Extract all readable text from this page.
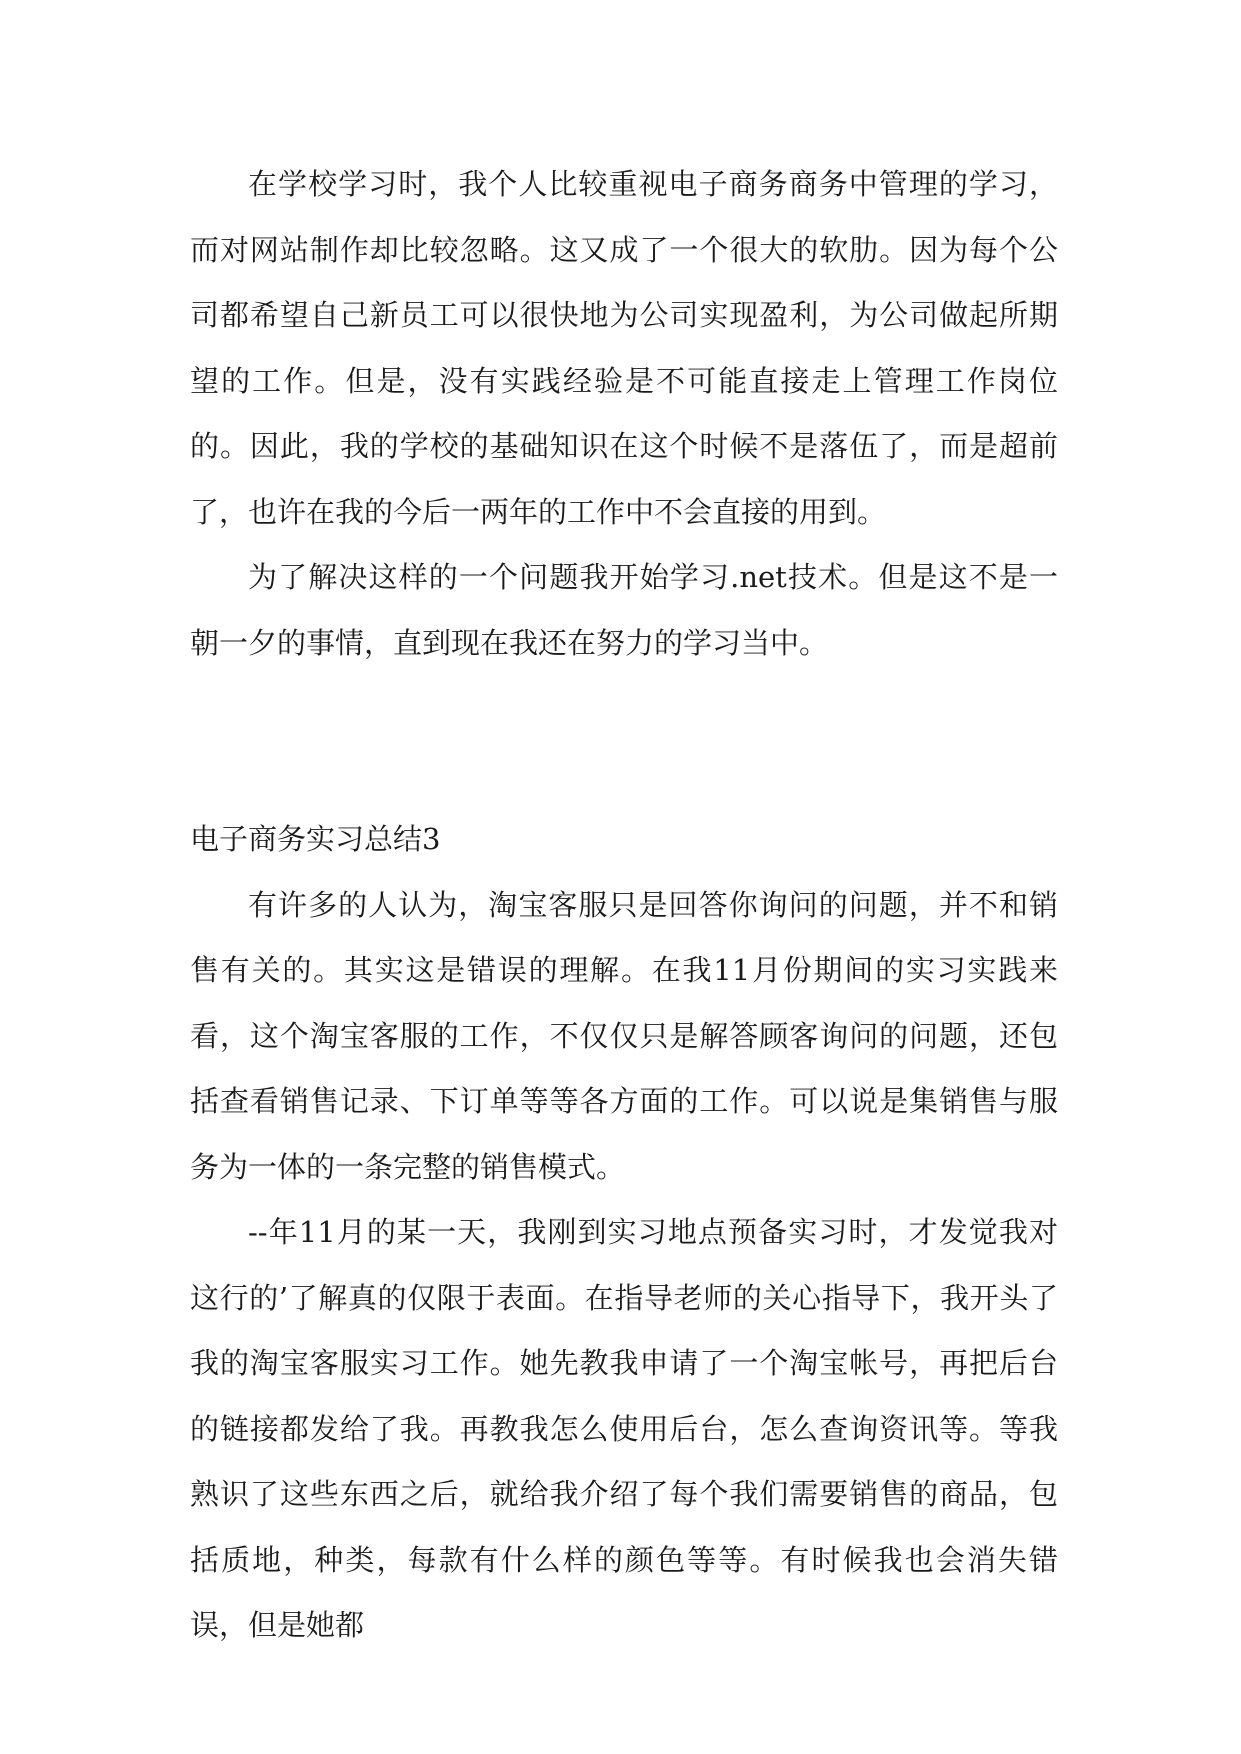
在学校学习时，我个人比较重视电子商务商务中管理的学习，而对网站制作却比较忽略。这又成了一个很大的软肋。因为每个公司都希望自己新员工可以很快地为公司实现盈利，为公司做起所期望的工作。但是，没有实践经验是不可能直接走上管理工作岗位的。因此，我的学校的基础知识在这个时候不是落伍了，而是超前了，也许在我的今后一两年的工作中不会直接的用到。

为了解决这样的一个问题我开始学习.net技术。但是这不是一朝一夕的事情，直到现在我还在努力的学习当中。

电子商务实习总结3

有许多的人认为，淘宝客服只是回答你询问的问题，并不和销售有关的。其实这是错误的理解。在我11月份期间的实习实践来看，这个淘宝客服的工作，不仅仅只是解答顾客询问的问题，还包括查看销售记录、下订单等等各方面的工作。可以说是集销售与服务为一体的一条完整的销售模式。

--年11月的某一天，我刚到实习地点预备实习时，才发觉我对这行的’了解真的仅限于表面。在指导老师的关心指导下，我开头了我的淘宝客服实习工作。她先教我申请了一个淘宝帐号，再把后台的链接都发给了我。再教我怎么使用后台，怎么查询资讯等。等我熟识了这些东西之后，就给我介绍了每个我们需要销售的商品，包括质地，种类，每款有什么样的颜色等等。有时候我也会消失错误，但是她都
